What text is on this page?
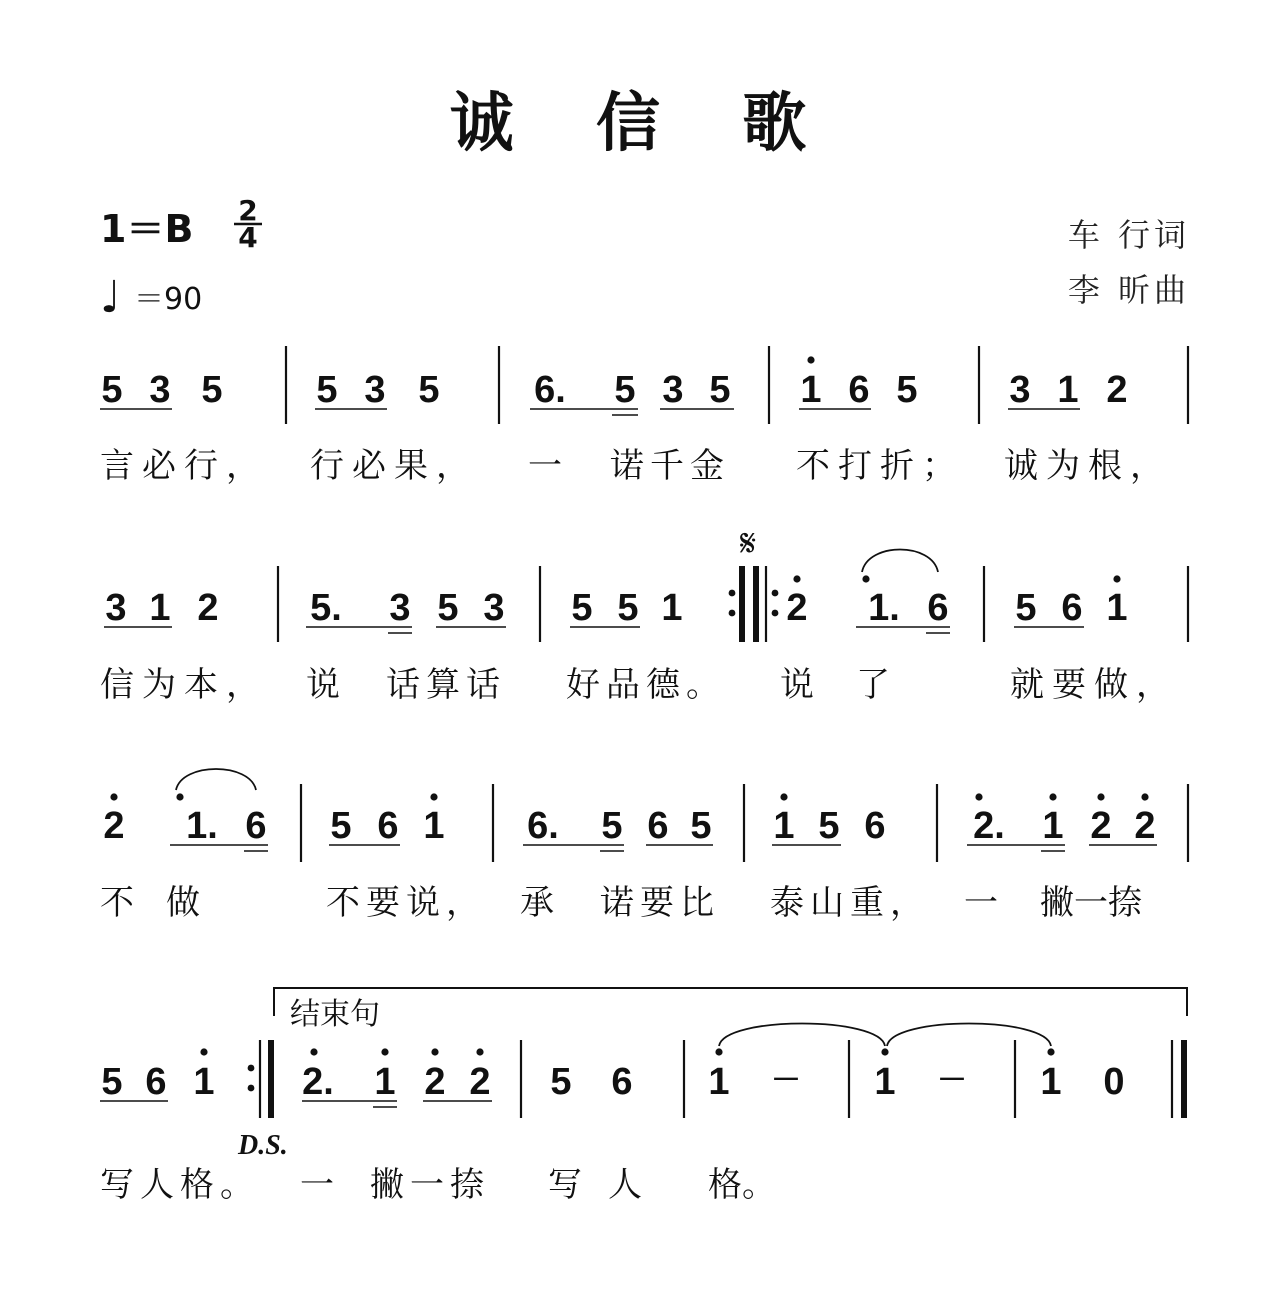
诚 信 歌
1＝B 2
4
♩ ＝90
车 行词
李 昕曲
5 3 5 5 3 5 6. 5 3 5 1 6 5 3 1 2
言必行， 行必果， 一 诺千金 不打折； 诚为根，
3 1 2 5. 3 5 3 5 5 1
𝄋
2 1. 6 5 6 1
信为本， 说 话算话 好品德。 说 了	就要做，
2 1. 6 5 6 1 6. 5 6 5 1 5 6 2. 1 2 2
不 做	不要说， 承 诺要比 泰山重， 一 撇一捺
结束句
5 6 1 2. 1 2 2 5 6 1 － 1 － 1 0
D.S.
写人格。 一 撇一捺 写 人 格。
